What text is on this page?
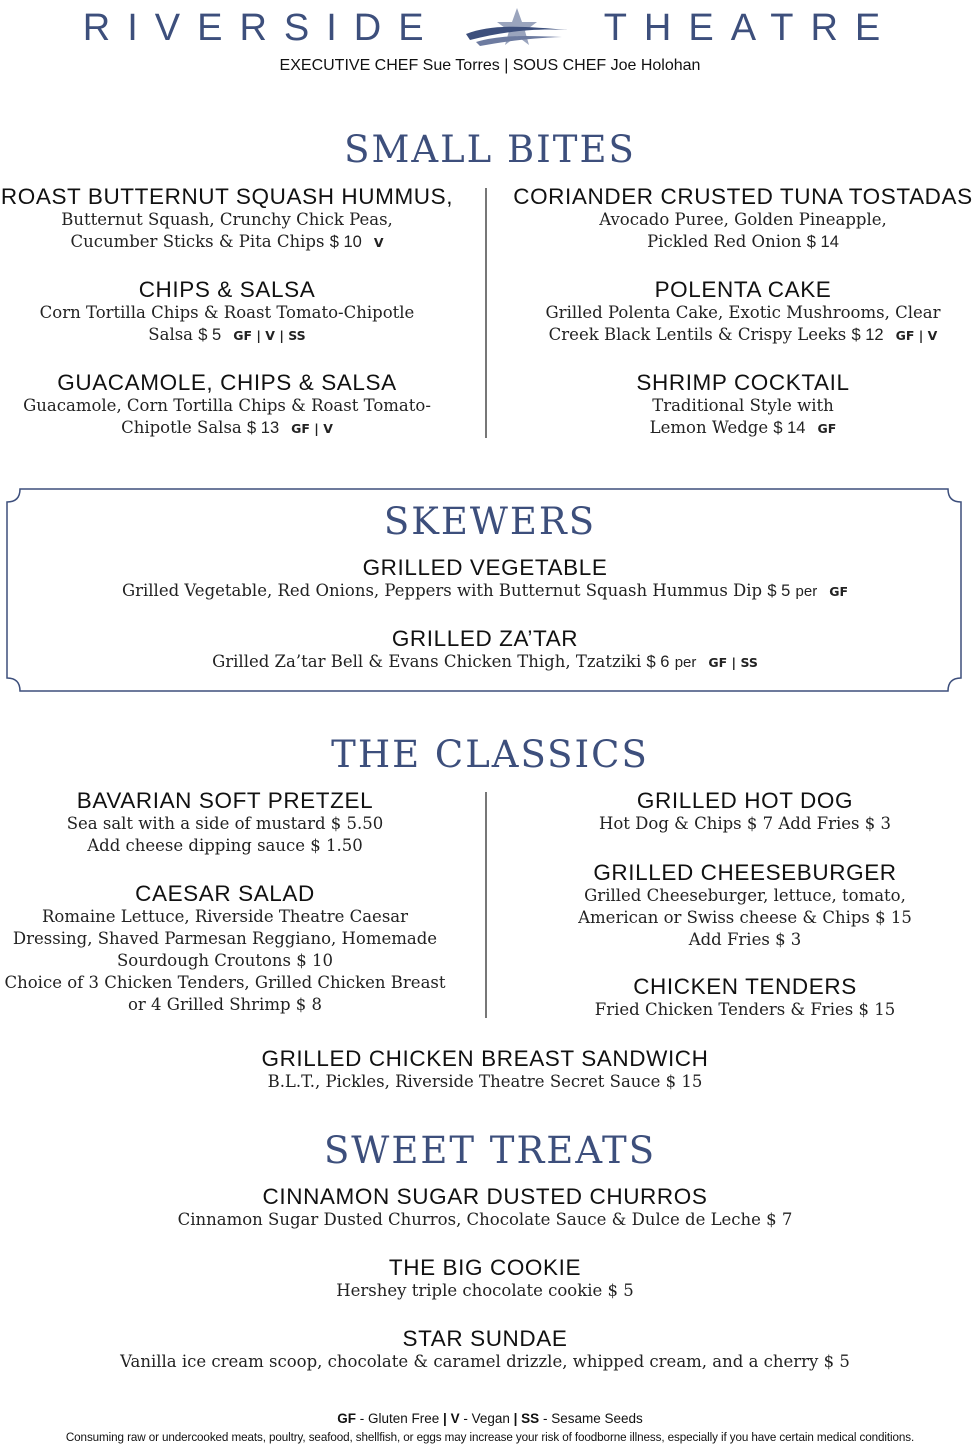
RIVERSIDE	THEATRE
EXECUTIVE CHEF Sue Torres | SOUS CHEF Joe Holohan
SMALL BITES
ROAST BUTTERNUT SQUASH HUMMUS,
Butternut Squash, Crunchy Chick Peas,
Cucumber Sticks & Pita Chips $ 10 V
CHIPS & SALSA
Corn Tortilla Chips & Roast Tomato-Chipotle
Salsa $ 5 GF | V | SS
GUACAMOLE, CHIPS & SALSA
Guacamole, Corn Tortilla Chips & Roast Tomato-
Chipotle Salsa $ 13 GF | V
CORIANDER CRUSTED TUNA TOSTADAS
Avocado Puree, Golden Pineapple,
Pickled Red Onion $ 14
POLENTA CAKE
Grilled Polenta Cake, Exotic Mushrooms, Clear
Creek Black Lentils & Crispy Leeks $ 12 GF | V
SHRIMP COCKTAIL
Traditional Style with
Lemon Wedge $ 14 GF
SKEWERS
GRILLED VEGETABLE
Grilled Vegetable, Red Onions, Peppers with Butternut Squash Hummus Dip $ 5 per GF
GRILLED ZA’TAR
Grilled Za’tar Bell & Evans Chicken Thigh, Tzatziki $ 6 per GF | SS
THE CLASSICS
BAVARIAN SOFT PRETZEL
Sea salt with a side of mustard $ 5.50
Add cheese dipping sauce $ 1.50
CAESAR SALAD
Romaine Lettuce, Riverside Theatre Caesar
Dressing, Shaved Parmesan Reggiano, Homemade
Sourdough Croutons $ 10
Choice of 3 Chicken Tenders, Grilled Chicken Breast
or 4 Grilled Shrimp $ 8
GRILLED HOT DOG
Hot Dog & Chips $ 7 Add Fries $ 3
GRILLED CHEESEBURGER
Grilled Cheeseburger, lettuce, tomato,
American or Swiss cheese & Chips $ 15
Add Fries $ 3
CHICKEN TENDERS
Fried Chicken Tenders & Fries $ 15
GRILLED CHICKEN BREAST SANDWICH
B.L.T., Pickles, Riverside Theatre Secret Sauce $ 15
SWEET TREATS
CINNAMON SUGAR DUSTED CHURROS
Cinnamon Sugar Dusted Churros, Chocolate Sauce & Dulce de Leche $ 7
THE BIG COOKIE
Hershey triple chocolate cookie $ 5
STAR SUNDAE
Vanilla ice cream scoop, chocolate & caramel drizzle, whipped cream, and a cherry $ 5
GF - Gluten Free | V - Vegan | SS - Sesame Seeds
Consuming raw or undercooked meats, poultry, seafood, shellfish, or eggs may increase your risk of foodborne illness, especially if you have certain medical conditions.
